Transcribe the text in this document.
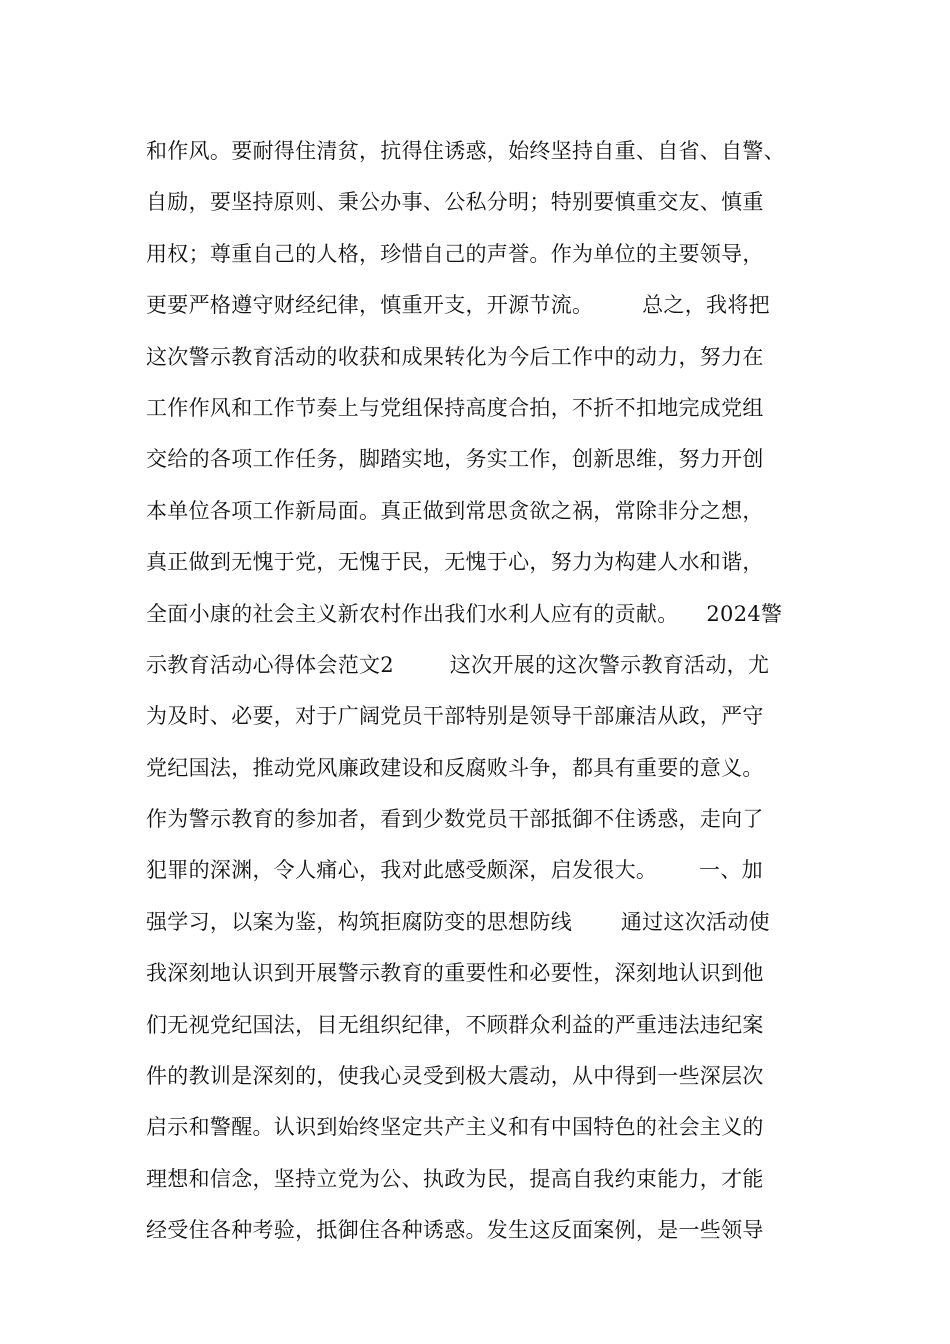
和作风。要耐得住清贫，抗得住诱惑，始终坚持自重、自省、自警、
自励，要坚持原则、秉公办事、公私分明；特别要慎重交友、慎重
用权；尊重自己的人格，珍惜自己的声誉。作为单位的主要领导，
更要严格遵守财经纪律，慎重开支，开源节流。       总之，我将把
这次警示教育活动的收获和成果转化为今后工作中的动力，努力在
工作作风和工作节奏上与党组保持高度合拍，不折不扣地完成党组
交给的各项工作任务，脚踏实地，务实工作，创新思维，努力开创
本单位各项工作新局面。真正做到常思贪欲之祸，常除非分之想，
真正做到无愧于党，无愧于民，无愧于心，努力为构建人水和谐，
全面小康的社会主义新农村作出我们水利人应有的贡献。    2024警
示教育活动心得体会范文2        这次开展的这次警示教育活动，尤
为及时、必要，对于广阔党员干部特别是领导干部廉洁从政，严守
党纪国法，推动党风廉政建设和反腐败斗争，都具有重要的意义。
作为警示教育的参加者，看到少数党员干部抵御不住诱惑，走向了
犯罪的深渊，令人痛心，我对此感受颇深，启发很大。      一、加
强学习，以案为鉴，构筑拒腐防变的思想防线       通过这次活动使
我深刻地认识到开展警示教育的重要性和必要性，深刻地认识到他
们无视党纪国法，目无组织纪律，不顾群众利益的严重违法违纪案
件的教训是深刻的，使我心灵受到极大震动，从中得到一些深层次
启示和警醒。认识到始终坚定共产主义和有中国特色的社会主义的
理想和信念，坚持立党为公、执政为民，提高自我约束能力，才能
经受住各种考验，抵御住各种诱惑。发生这反面案例，是一些领导
